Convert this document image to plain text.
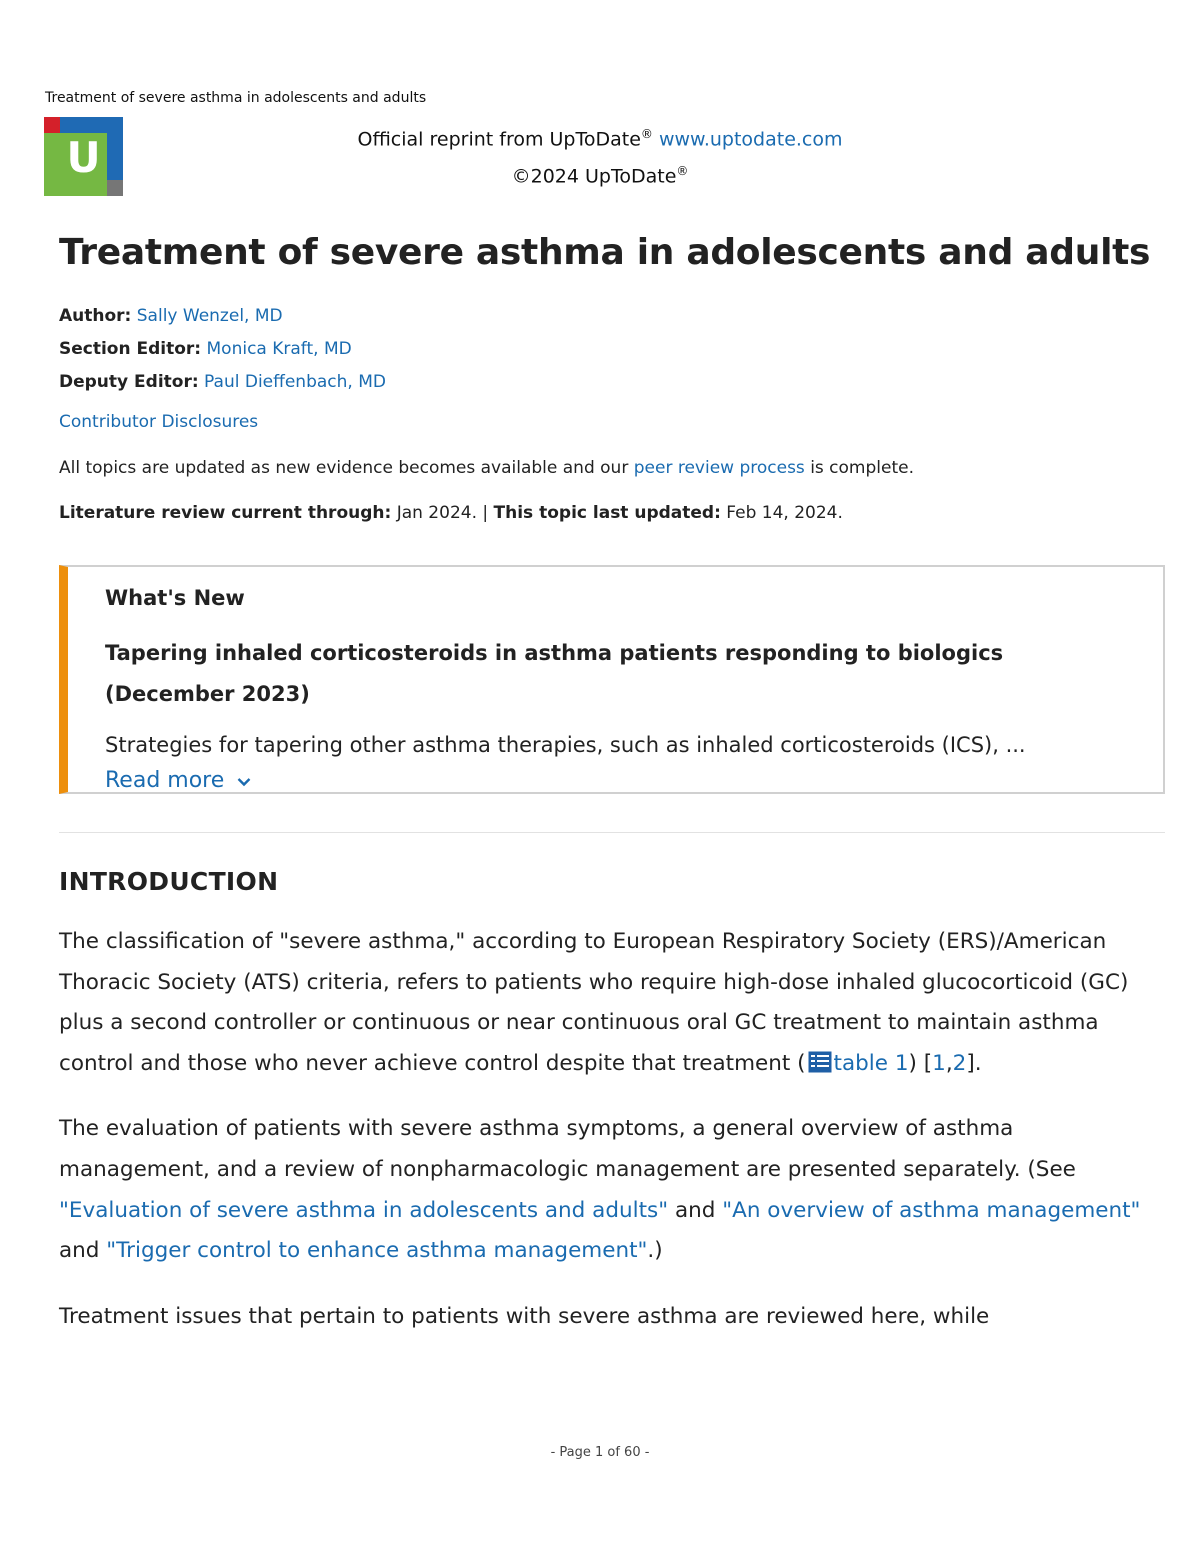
Treatment of severe asthma in adolescents and adults
U	Official reprint from UpToDate® www.uptodate.com
©2024 UpToDate®
Treatment of severe asthma in adolescents and adults
Author: Sally Wenzel, MD
Section Editor: Monica Kraft, MD
Deputy Editor: Paul Dieffenbach, MD
Contributor Disclosures
All topics are updated as new evidence becomes available and our peer review process is complete.
Literature review current through: Jan 2024. | This topic last updated: Feb 14, 2024.
What's New
Tapering inhaled corticosteroids in asthma patients responding to biologics (December 2023)
Strategies for tapering other asthma therapies, such as inhaled corticosteroids (ICS), ...
Read more
INTRODUCTION
The classification of "severe asthma," according to European Respiratory Society (ERS)/American Thoracic Society (ATS) criteria, refers to patients who require high-dose inhaled glucocorticoid (GC) plus a second controller or continuous or near continuous oral GC treatment to maintain asthma control and those who never achieve control despite that treatment ( table 1) [1,2].
The evaluation of patients with severe asthma symptoms, a general overview of asthma management, and a review of nonpharmacologic management are presented separately. (See "Evaluation of severe asthma in adolescents and adults" and "An overview of asthma management" and "Trigger control to enhance asthma management".)
Treatment issues that pertain to patients with severe asthma are reviewed here, while
- Page 1 of 60 -
